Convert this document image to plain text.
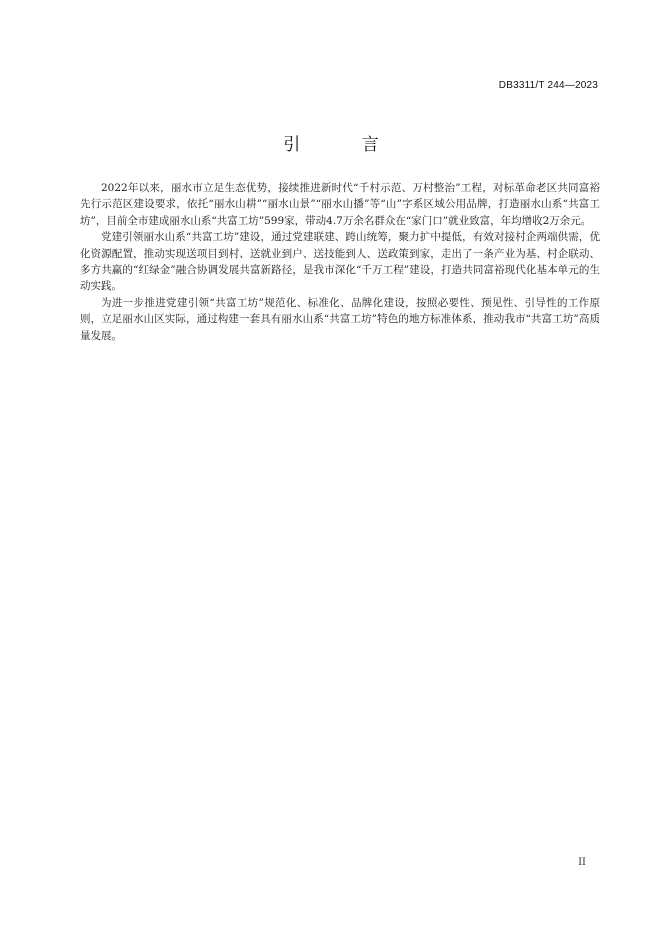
DB3311/T 244—2023
引 言

2022年以来，丽水市立足生态优势，接续推进新时代“千村示范、万村整治”工程，对标革命老区共同富裕先行示范区建设要求，依托“丽水山耕”“丽水山景”“丽水山播”等“山”字系区域公用品牌，打造丽水山系“共富工坊”，目前全市建成丽水山系“共富工坊”599家，带动4.7万余名群众在“家门口”就业致富，年均增收2万余元。

党建引领丽水山系“共富工坊”建设，通过党建联建、跨山统筹，聚力扩中提低，有效对接村企两端供需，优化资源配置，推动实现送项目到村、送就业到户、送技能到人、送政策到家，走出了一条产业为基、村企联动、多方共赢的“红绿金”融合协调发展共富新路径，是我市深化“千万工程”建设，打造共同富裕现代化基本单元的生动实践。

为进一步推进党建引领“共富工坊”规范化、标准化、品牌化建设，按照必要性、预见性、引导性的工作原则，立足丽水山区实际，通过构建一套具有丽水山系“共富工坊”特色的地方标准体系，推动我市“共富工坊”高质量发展。

II
